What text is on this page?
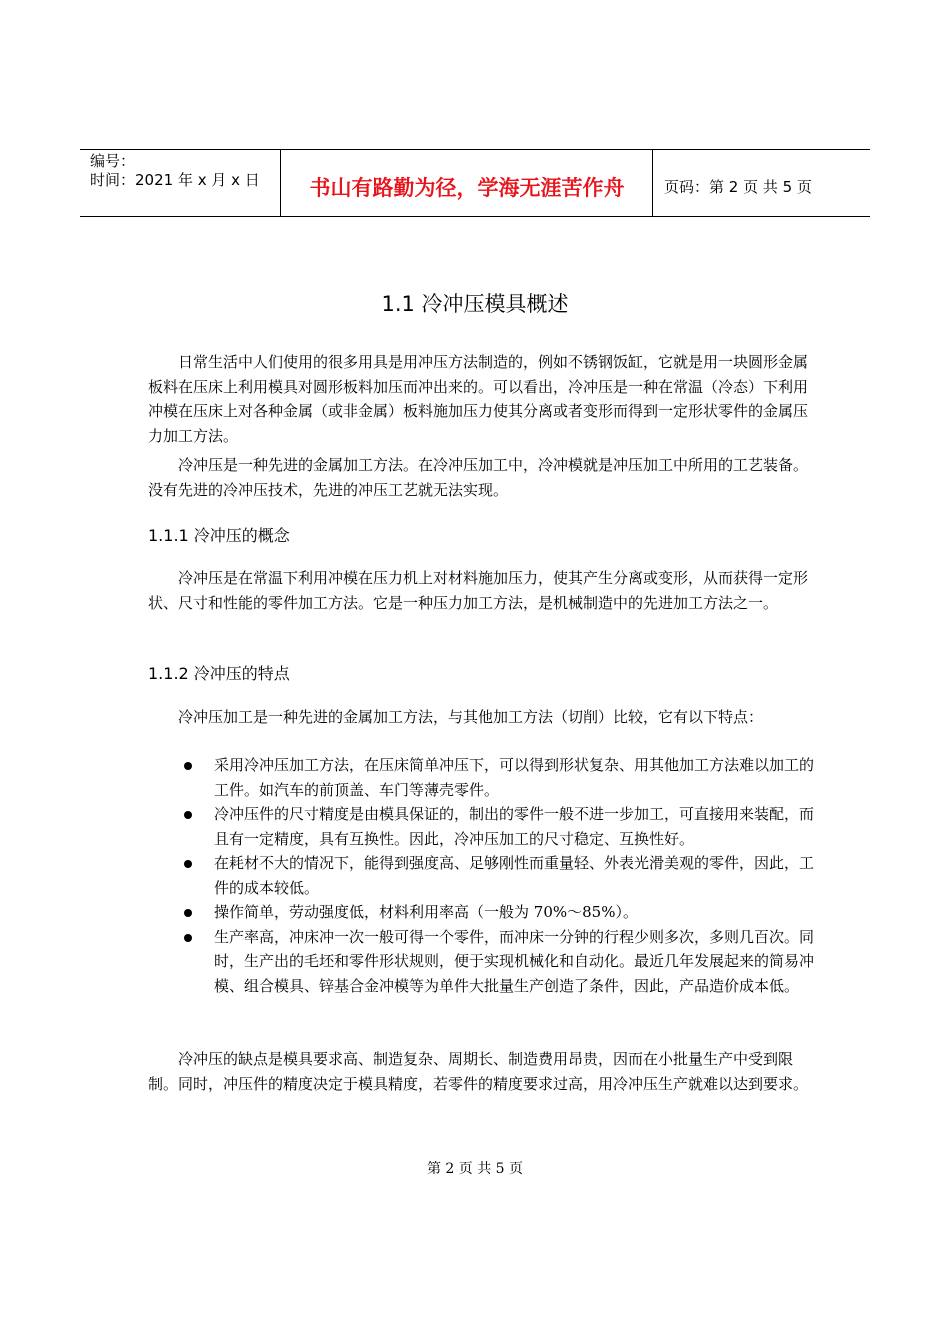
编号：
时间：2021 年 x 月 x 日	书山有路勤为径，学海无涯苦作舟	页码：第 2 页 共 5 页
1.1 冷冲压模具概述

日常生活中人们使用的很多用具是用冲压方法制造的，例如不锈钢饭缸，它就是用一块圆形金属板料在压床上利用模具对圆形板料加压而冲出来的。可以看出，冷冲压是一种在常温（冷态）下利用冲模在压床上对各种金属（或非金属）板料施加压力使其分离或者变形而得到一定形状零件的金属压力加工方法。

冷冲压是一种先进的金属加工方法。在冷冲压加工中，冷冲模就是冲压加工中所用的工艺装备。没有先进的冷冲压技术，先进的冲压工艺就无法实现。

1.1.1 冷冲压的概念

冷冲压是在常温下利用冲模在压力机上对材料施加压力，使其产生分离或变形，从而获得一定形状、尺寸和性能的零件加工方法。它是一种压力加工方法，是机械制造中的先进加工方法之一。

1.1.2 冷冲压的特点

冷冲压加工是一种先进的金属加工方法，与其他加工方法（切削）比较，它有以下特点：

采用冷冲压加工方法，在压床简单冲压下，可以得到形状复杂、用其他加工方法难以加工的工件。如汽车的前顶盖、车门等薄壳零件。
冷冲压件的尺寸精度是由模具保证的，制出的零件一般不进一步加工，可直接用来装配，而且有一定精度，具有互换性。因此，冷冲压加工的尺寸稳定、互换性好。
在耗材不大的情况下，能得到强度高、足够刚性而重量轻、外表光滑美观的零件，因此，工件的成本较低。
操作简单，劳动强度低，材料利用率高（一般为 70%～85%）。
生产率高，冲床冲一次一般可得一个零件，而冲床一分钟的行程少则多次，多则几百次。同时，生产出的毛坯和零件形状规则，便于实现机械化和自动化。最近几年发展起来的简易冲模、组合模具、锌基合金冲模等为单件大批量生产创造了条件，因此，产品造价成本低。

冷冲压的缺点是模具要求高、制造复杂、周期长、制造费用昂贵，因而在小批量生产中受到限制。同时，冲压件的精度决定于模具精度，若零件的精度要求过高，用冷冲压生产就难以达到要求。

第 2 页 共 5 页
